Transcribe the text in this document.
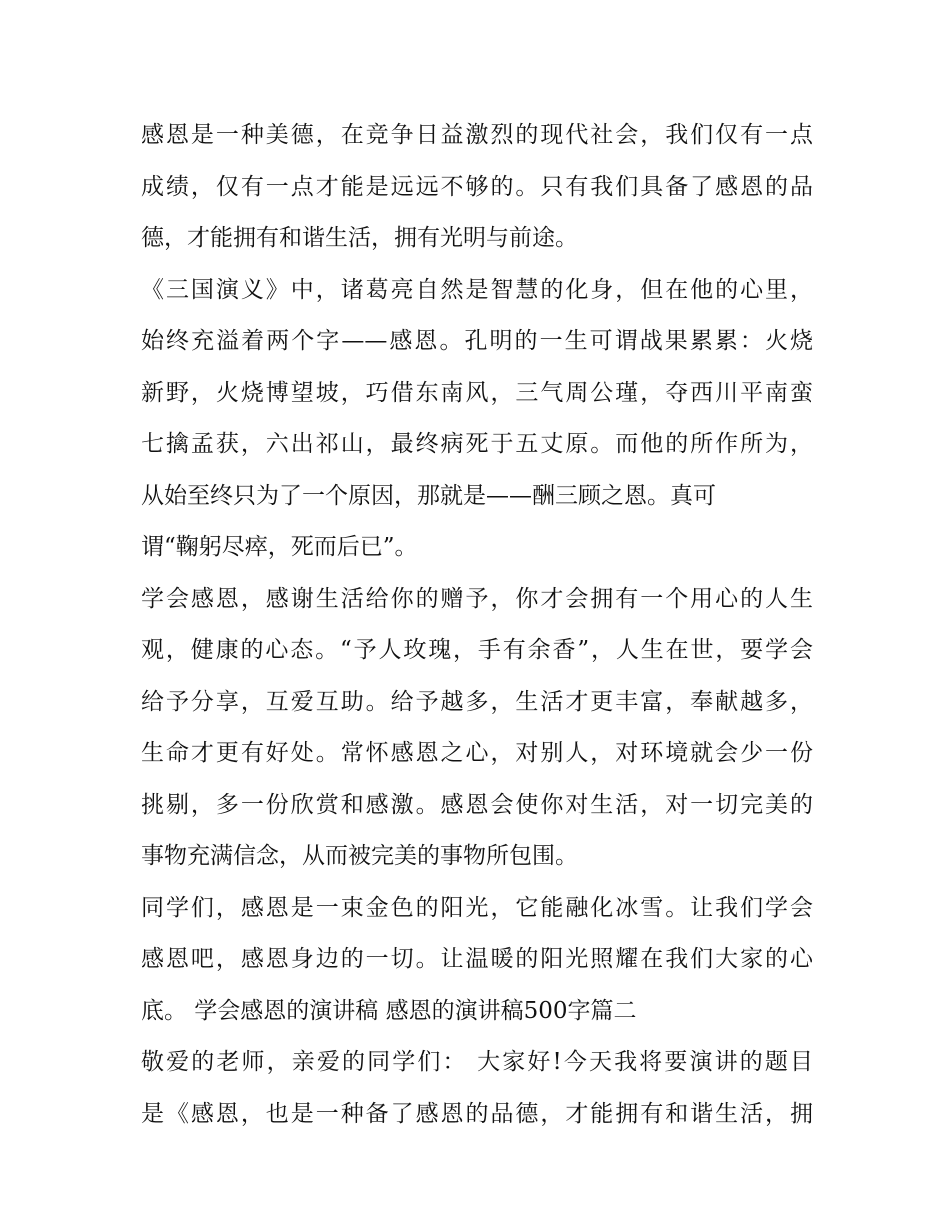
感恩是一种美德，在竞争日益激烈的现代社会，我们仅有一点
成绩，仅有一点才能是远远不够的。只有我们具备了感恩的品
德，才能拥有和谐生活，拥有光明与前途。
《三国演义》中，诸葛亮自然是智慧的化身，但在他的心里，
始终充溢着两个字——感恩。孔明的一生可谓战果累累：火烧
新野，火烧博望坡，巧借东南风，三气周公瑾，夺西川平南蛮
七擒孟获，六出祁山，最终病死于五丈原。而他的所作所为，
从始至终只为了一个原因，那就是——酬三顾之恩。真可
谓“鞠躬尽瘁，死而后已”。
学会感恩，感谢生活给你的赠予，你才会拥有一个用心的人生
观，健康的心态。“予人玫瑰，手有余香”，人生在世，要学会
给予分享，互爱互助。给予越多，生活才更丰富，奉献越多，
生命才更有好处。常怀感恩之心，对别人，对环境就会少一份
挑剔，多一份欣赏和感激。感恩会使你对生活，对一切完美的
事物充满信念，从而被完美的事物所包围。
同学们，感恩是一束金色的阳光，它能融化冰雪。让我们学会
感恩吧，感恩身边的一切。让温暖的阳光照耀在我们大家的心
底。 学会感恩的演讲稿 感恩的演讲稿500字篇二
敬爱的老师，亲爱的同学们： 大家好!今天我将要演讲的题目
是《感恩，也是一种备了感恩的品德，才能拥有和谐生活，拥
